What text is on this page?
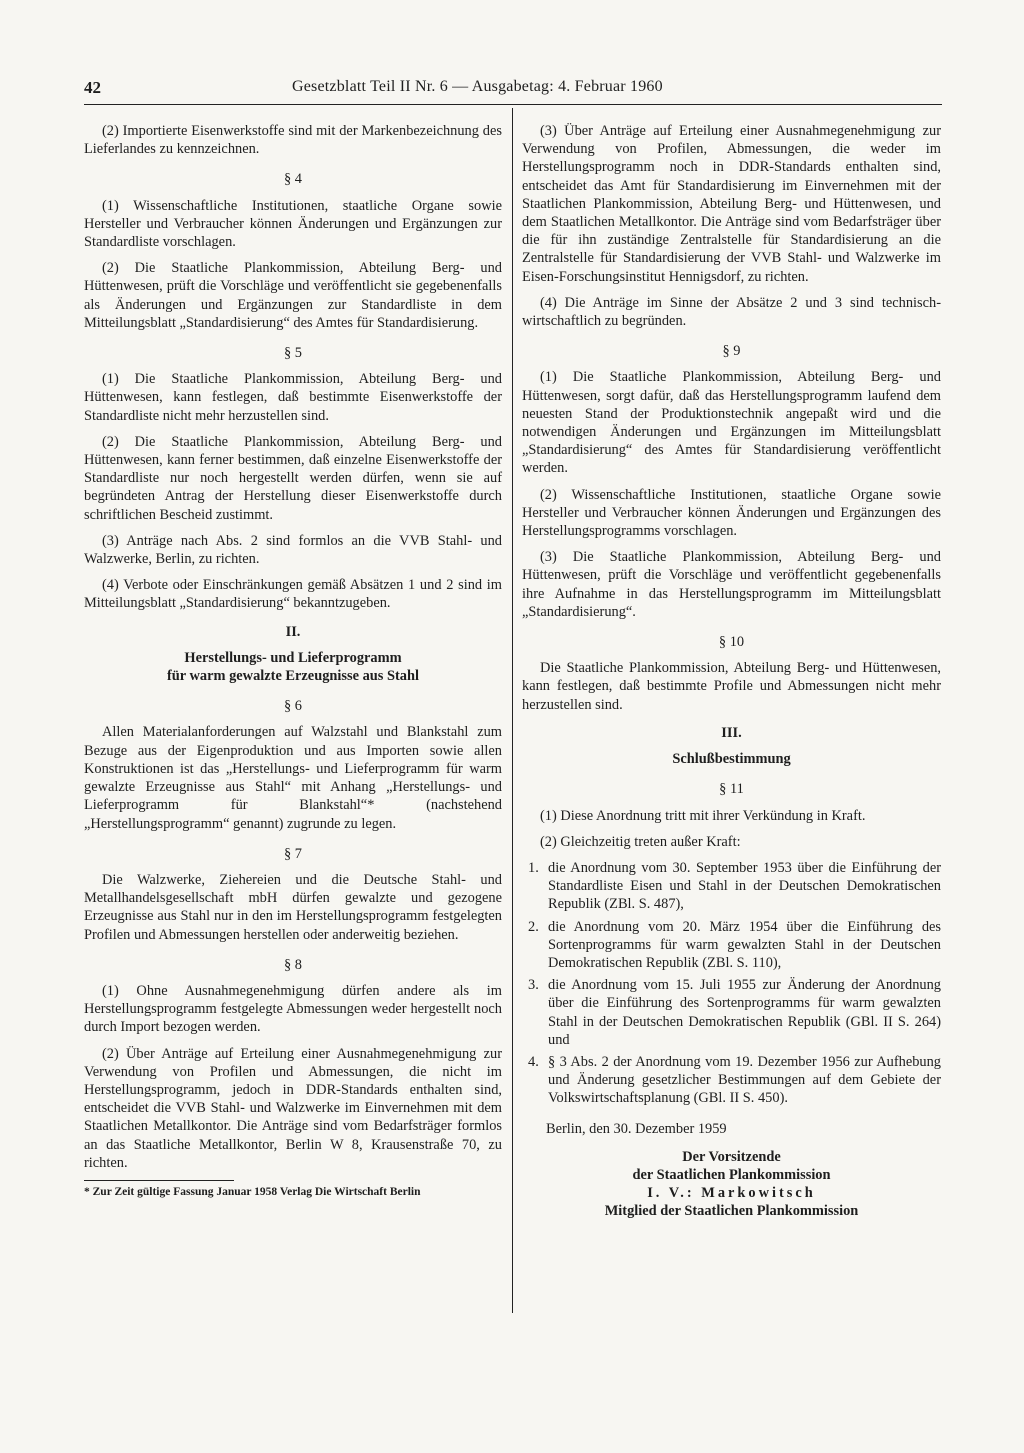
42	Gesetzblatt Teil II Nr. 6 — Ausgabetag: 4. Februar 1960

(2) Importierte Eisenwerkstoffe sind mit der Markenbezeichnung des Lieferlandes zu kennzeichnen.

§ 4

(1) Wissenschaftliche Institutionen, staatliche Organe sowie Hersteller und Verbraucher können Änderungen und Ergänzungen zur Standardliste vorschlagen.

(2) Die Staatliche Plankommission, Abteilung Berg- und Hüttenwesen, prüft die Vorschläge und veröffentlicht sie gegebenenfalls als Änderungen und Ergänzungen zur Standardliste in dem Mitteilungsblatt „Standardisierung“ des Amtes für Standardisierung.

§ 5

(1) Die Staatliche Plankommission, Abteilung Berg- und Hüttenwesen, kann festlegen, daß bestimmte Eisenwerkstoffe der Standardliste nicht mehr herzustellen sind.

(2) Die Staatliche Plankommission, Abteilung Berg- und Hüttenwesen, kann ferner bestimmen, daß einzelne Eisenwerkstoffe der Standardliste nur noch hergestellt werden dürfen, wenn sie auf begründeten Antrag der Herstellung dieser Eisenwerkstoffe durch schriftlichen Bescheid zustimmt.

(3) Anträge nach Abs. 2 sind formlos an die VVB Stahl- und Walzwerke, Berlin, zu richten.

(4) Verbote oder Einschränkungen gemäß Absätzen 1 und 2 sind im Mitteilungsblatt „Standardisierung“ bekanntzugeben.

II.
Herstellungs- und Lieferprogramm
für warm gewalzte Erzeugnisse aus Stahl
§ 6

Allen Materialanforderungen auf Walzstahl und Blankstahl zum Bezuge aus der Eigenproduktion und aus Importen sowie allen Konstruktionen ist das „Herstellungs- und Lieferprogramm für warm gewalzte Erzeugnisse aus Stahl“ mit Anhang „Herstellungs- und Lieferprogramm für Blankstahl“* (nachstehend „Herstellungsprogramm“ genannt) zugrunde zu legen.

§ 7

Die Walzwerke, Ziehereien und die Deutsche Stahl- und Metallhandelsgesellschaft mbH dürfen gewalzte und gezogene Erzeugnisse aus Stahl nur in den im Herstellungsprogramm festgelegten Profilen und Abmessungen herstellen oder anderweitig beziehen.

§ 8

(1) Ohne Ausnahmegenehmigung dürfen andere als im Herstellungsprogramm festgelegte Abmessungen weder hergestellt noch durch Import bezogen werden.

(2) Über Anträge auf Erteilung einer Ausnahmegenehmigung zur Verwendung von Profilen und Abmessungen, die nicht im Herstellungsprogramm, jedoch in DDR-Standards enthalten sind, entscheidet die VVB Stahl- und Walzwerke im Einvernehmen mit dem Staatlichen Metallkontor. Die Anträge sind vom Bedarfsträger formlos an das Staatliche Metallkontor, Berlin W 8, Krausenstraße 70, zu richten.

* Zur Zeit gültige Fassung Januar 1958 Verlag Die Wirtschaft Berlin

(3) Über Anträge auf Erteilung einer Ausnahmegenehmigung zur Verwendung von Profilen, Abmessungen, die weder im Herstellungsprogramm noch in DDR-Standards enthalten sind, entscheidet das Amt für Standardisierung im Einvernehmen mit der Staatlichen Plankommission, Abteilung Berg- und Hüttenwesen, und dem Staatlichen Metallkontor. Die Anträge sind vom Bedarfsträger über die für ihn zuständige Zentralstelle für Standardisierung an die Zentralstelle für Standardisierung der VVB Stahl- und Walzwerke im Eisen-Forschungsinstitut Hennigsdorf, zu richten.

(4) Die Anträge im Sinne der Absätze 2 und 3 sind technisch-wirtschaftlich zu begründen.

§ 9

(1) Die Staatliche Plankommission, Abteilung Berg- und Hüttenwesen, sorgt dafür, daß das Herstellungsprogramm laufend dem neuesten Stand der Produktionstechnik angepaßt wird und die notwendigen Änderungen und Ergänzungen im Mitteilungsblatt „Standardisierung“ des Amtes für Standardisierung veröffentlicht werden.

(2) Wissenschaftliche Institutionen, staatliche Organe sowie Hersteller und Verbraucher können Änderungen und Ergänzungen des Herstellungsprogramms vorschlagen.

(3) Die Staatliche Plankommission, Abteilung Berg- und Hüttenwesen, prüft die Vorschläge und veröffentlicht gegebenenfalls ihre Aufnahme in das Herstellungsprogramm im Mitteilungsblatt „Standardisierung“.

§ 10

Die Staatliche Plankommission, Abteilung Berg- und Hüttenwesen, kann festlegen, daß bestimmte Profile und Abmessungen nicht mehr herzustellen sind.

III.
Schlußbestimmung
§ 11

(1) Diese Anordnung tritt mit ihrer Verkündung in Kraft.

(2) Gleichzeitig treten außer Kraft:

1. die Anordnung vom 30. September 1953 über die Einführung der Standardliste Eisen und Stahl in der Deutschen Demokratischen Republik (ZBl. S. 487),
2. die Anordnung vom 20. März 1954 über die Einführung des Sortenprogramms für warm gewalzten Stahl in der Deutschen Demokratischen Republik (ZBl. S. 110),
3. die Anordnung vom 15. Juli 1955 zur Änderung der Anordnung über die Einführung des Sortenprogramms für warm gewalzten Stahl in der Deutschen Demokratischen Republik (GBl. II S. 264) und
4. § 3 Abs. 2 der Anordnung vom 19. Dezember 1956 zur Aufhebung und Änderung gesetzlicher Bestimmungen auf dem Gebiete der Volkswirtschaftsplanung (GBl. II S. 450).
Berlin, den 30. Dezember 1959
Der Vorsitzende
der Staatlichen Plankommission
I. V.: Markowitsch
Mitglied der Staatlichen Plankommission
